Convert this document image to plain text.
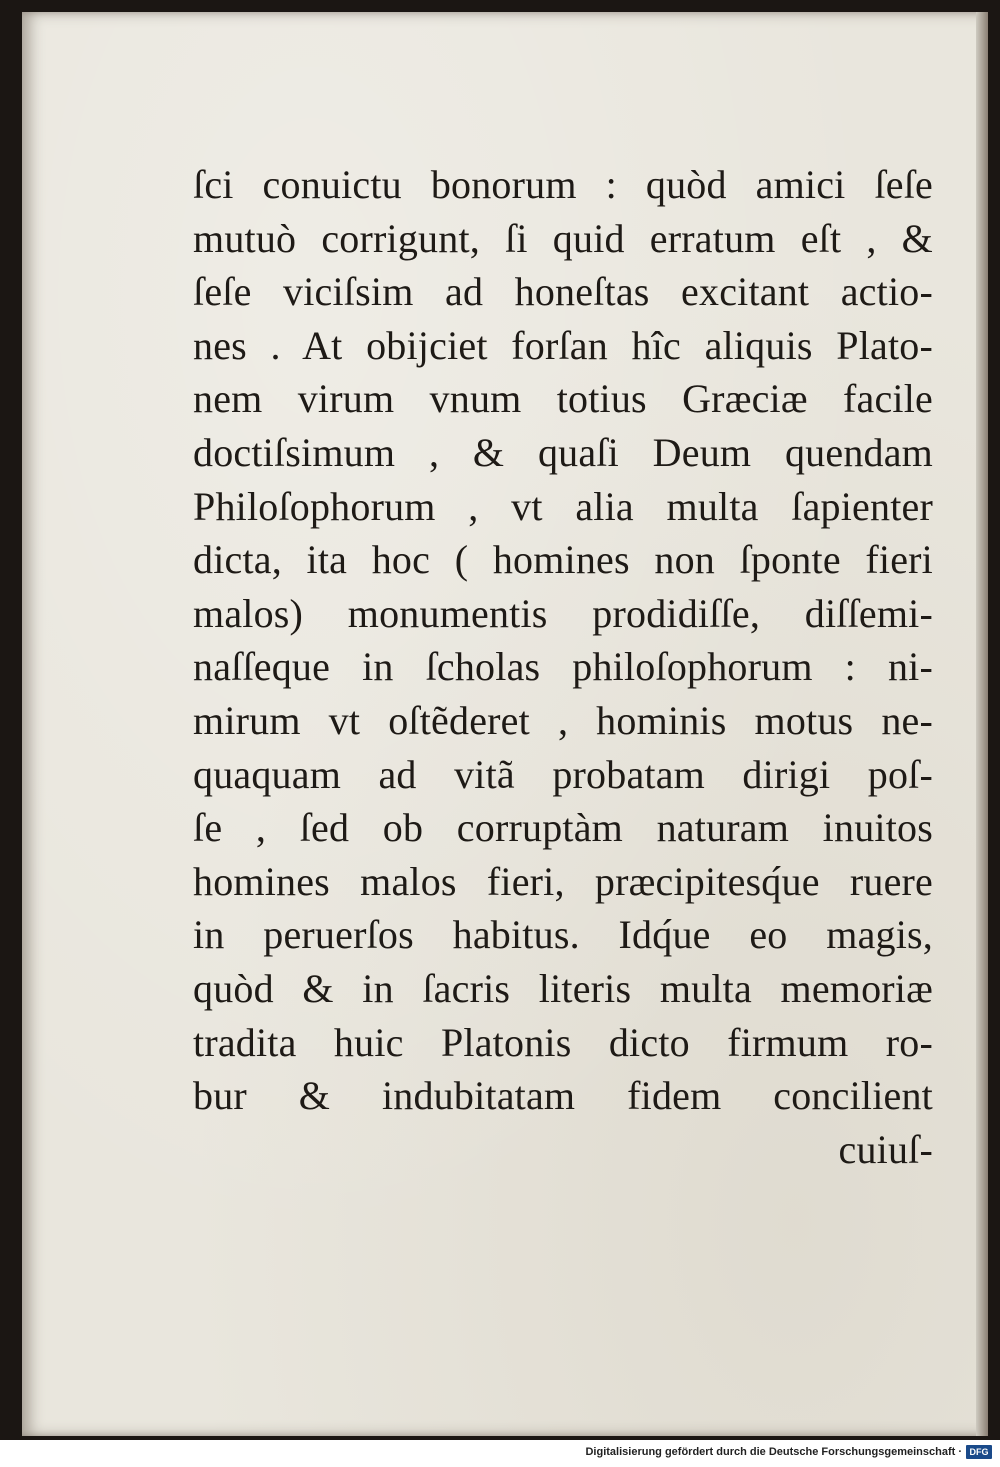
ſci conuictu bonorum : quòd amici ſeſe
mutuò corrigunt, ſi quid erratum eſt , &
ſeſe viciſsim ad honeſtas excitant actio-
nes . At obijciet forſan hîc aliquis Plato-
nem virum vnum totius Græciæ facile
doctiſsimum , & quaſi Deum quendam
Philoſophorum , vt alia multa ſapienter
dicta, ita hoc ( homines non ſponte fieri
malos) monumentis prodidiſſe, diſſemi-
naſſeque in ſcholas philoſophorum : ni-
mirum vt oſtẽderet , hominis motus ne-
quaquam ad vitã probatam dirigi poſ-
ſe , ſed ob corruptàm naturam inuitos
homines malos fieri, præcipitesq́ue ruere
in peruerſos habitus. Idq́ue eo magis,
quòd & in ſacris literis multa memoriæ
tradita huic Platonis dicto firmum ro-
bur & indubitatam fidem concilient
cuiuſ-
Digitalisierung gefördert durch die Deutsche Forschungsgemeinschaft · DFG
